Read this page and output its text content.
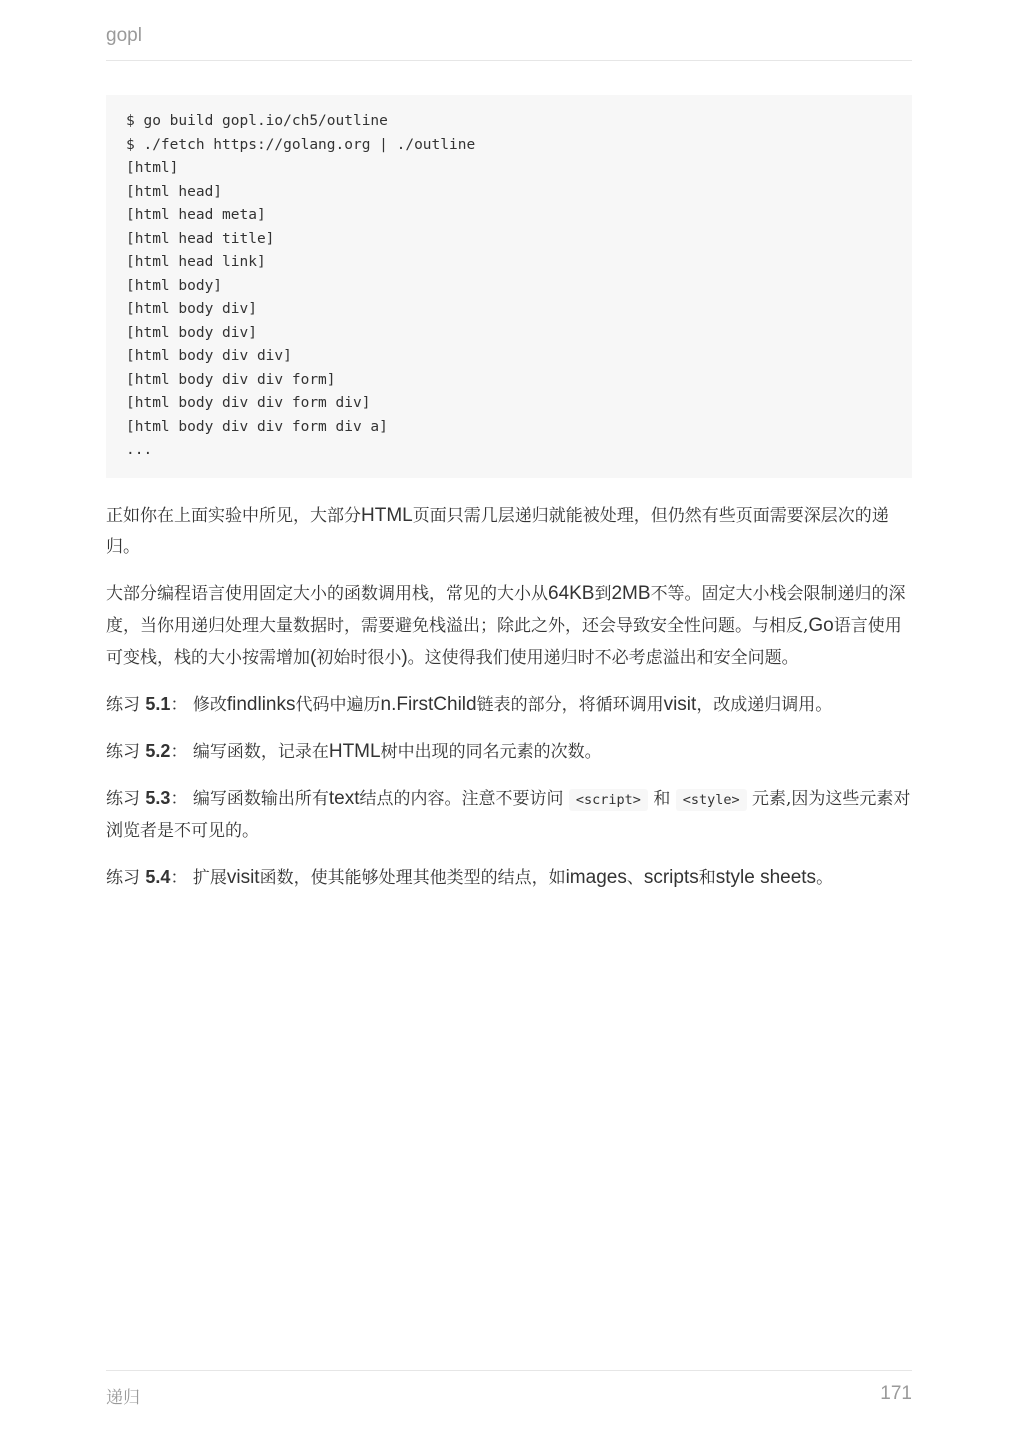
gopl
$ go build gopl.io/ch5/outline
$ ./fetch https://golang.org | ./outline
[html]
[html head]
[html head meta]
[html head title]
[html head link]
[html body]
[html body div]
[html body div]
[html body div div]
[html body div div form]
[html body div div form div]
[html body div div form div a]
...

正如你在上面实验中所见，大部分HTML页面只需几层递归就能被处理，但仍然有些页面需要深层次的递归。

大部分编程语言使用固定大小的函数调用栈，常见的大小从64KB到2MB不等。固定大小栈会限制递归的深度，当你用递归处理大量数据时，需要避免栈溢出；除此之外，还会导致安全性问题。与相反,Go语言使用可变栈，栈的大小按需增加(初始时很小)。这使得我们使用递归时不必考虑溢出和安全问题。

练习 5.1： 修改findlinks代码中遍历n.FirstChild链表的部分，将循环调用visit，改成递归调用。

练习 5.2： 编写函数，记录在HTML树中出现的同名元素的次数。

练习 5.3： 编写函数输出所有text结点的内容。注意不要访问 <script> 和 <style> 元素,因为这些元素对浏览者是不可见的。

练习 5.4： 扩展visit函数，使其能够处理其他类型的结点，如images、scripts和style sheets。

递归	171
